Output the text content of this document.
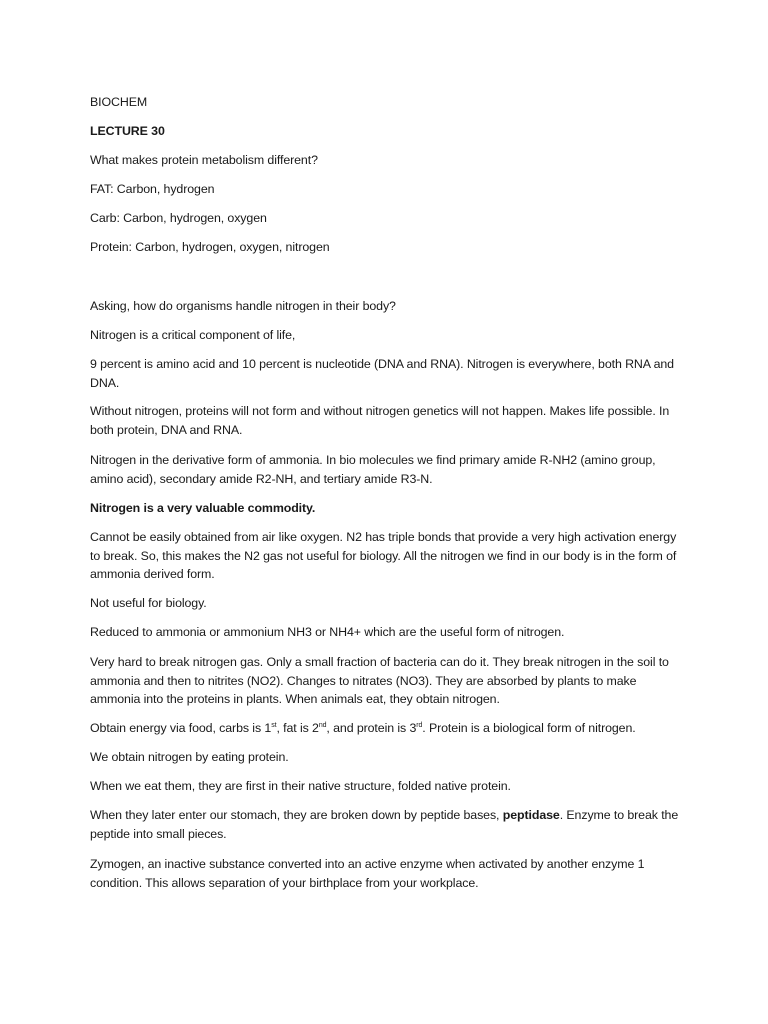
BIOCHEM

LECTURE 30

What makes protein metabolism different?

FAT: Carbon, hydrogen

Carb: Carbon, hydrogen, oxygen

Protein: Carbon, hydrogen, oxygen, nitrogen

Asking, how do organisms handle nitrogen in their body?

Nitrogen is a critical component of life,

9 percent is amino acid and 10 percent is nucleotide (DNA and RNA). Nitrogen is everywhere, both RNA and DNA.

Without nitrogen, proteins will not form and without nitrogen genetics will not happen. Makes life possible. In both protein, DNA and RNA.

Nitrogen in the derivative form of ammonia. In bio molecules we find primary amide R-NH2 (amino group, amino acid), secondary amide R2-NH, and tertiary amide R3-N.

Nitrogen is a very valuable commodity.

Cannot be easily obtained from air like oxygen. N2 has triple bonds that provide a very high activation energy to break. So, this makes the N2 gas not useful for biology. All the nitrogen we find in our body is in the form of ammonia derived form.

Not useful for biology.

Reduced to ammonia or ammonium NH3 or NH4+ which are the useful form of nitrogen.

Very hard to break nitrogen gas. Only a small fraction of bacteria can do it. They break nitrogen in the soil to ammonia and then to nitrites (NO2). Changes to nitrates (NO3). They are absorbed by plants to make ammonia into the proteins in plants. When animals eat, they obtain nitrogen.

Obtain energy via food, carbs is 1st, fat is 2nd, and protein is 3rd. Protein is a biological form of nitrogen.

We obtain nitrogen by eating protein.

When we eat them, they are first in their native structure, folded native protein.

When they later enter our stomach, they are broken down by peptide bases, peptidase. Enzyme to break the peptide into small pieces.

Zymogen, an inactive substance converted into an active enzyme when activated by another enzyme 1 condition. This allows separation of your birthplace from your workplace.
